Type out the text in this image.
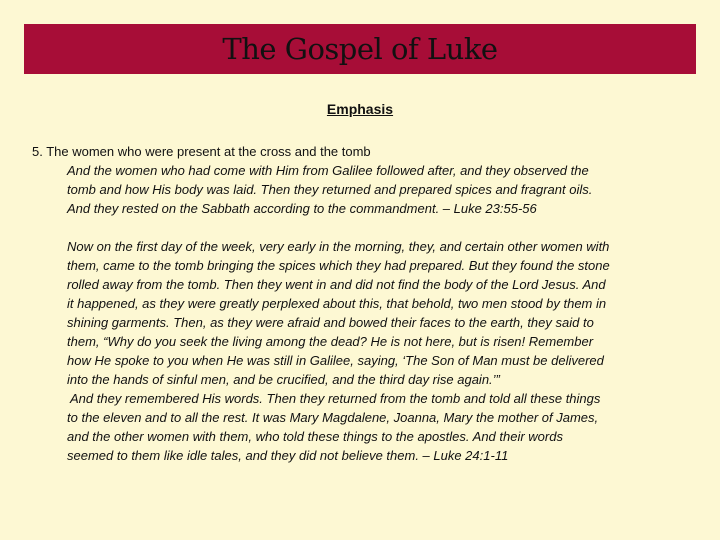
The Gospel of Luke
Emphasis
5. The women who were present at the cross and the tomb
And the women who had come with Him from Galilee followed after, and they observed the
tomb and how His body was laid. Then they returned and prepared spices and fragrant oils.
And they rested on the Sabbath according to the commandment. – Luke 23:55-56
Now on the first day of the week, very early in the morning, they, and certain other women with
them, came to the tomb bringing the spices which they had prepared. But they found the stone
rolled away from the tomb. Then they went in and did not find the body of the Lord Jesus. And
it happened, as they were greatly perplexed about this, that behold, two men stood by them in
shining garments. Then, as they were afraid and bowed their faces to the earth, they said to
them, “Why do you seek the living among the dead? He is not here, but is risen! Remember
how He spoke to you when He was still in Galilee, saying, ‘The Son of Man must be delivered
into the hands of sinful men, and be crucified, and the third day rise again.’”
And they remembered His words. Then they returned from the tomb and told all these things
to the eleven and to all the rest. It was Mary Magdalene, Joanna, Mary the mother of James,
and the other women with them, who told these things to the apostles. And their words
seemed to them like idle tales, and they did not believe them. – Luke 24:1-11
